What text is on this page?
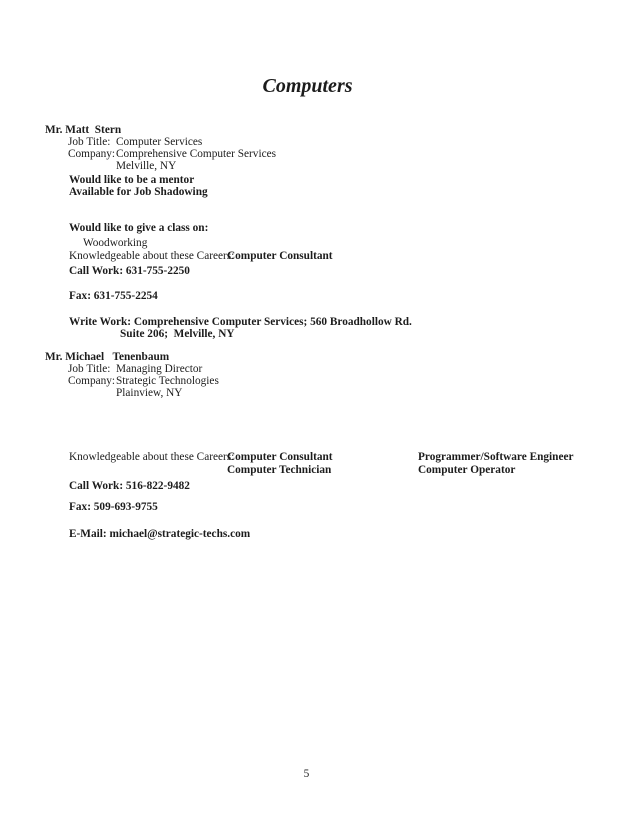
Computers
Mr. Matt  Stern
Job Title: Computer Services
Company:Comprehensive Computer Services
Melville, NY
Would like to be a mentor
Available for Job Shadowing
Would like to give a class on:
Woodworking
Knowledgeable about these Careers:
Computer Consultant
Call Work: 631-755-2250
Fax: 631-755-2254
Write Work: Comprehensive Computer Services; 560 Broadhollow Rd.
Suite 206;  Melville, NY
Mr. Michael   Tenenbaum
Job Title: Managing Director
Company:Strategic Technologies
Plainview, NY
Knowledgeable about these Careers:
Computer Consultant
Computer Technician
Programmer/Software Engineer
Computer Operator
Call Work: 516-822-9482
Fax: 509-693-9755
E-Mail: michael@strategic-techs.com
5
